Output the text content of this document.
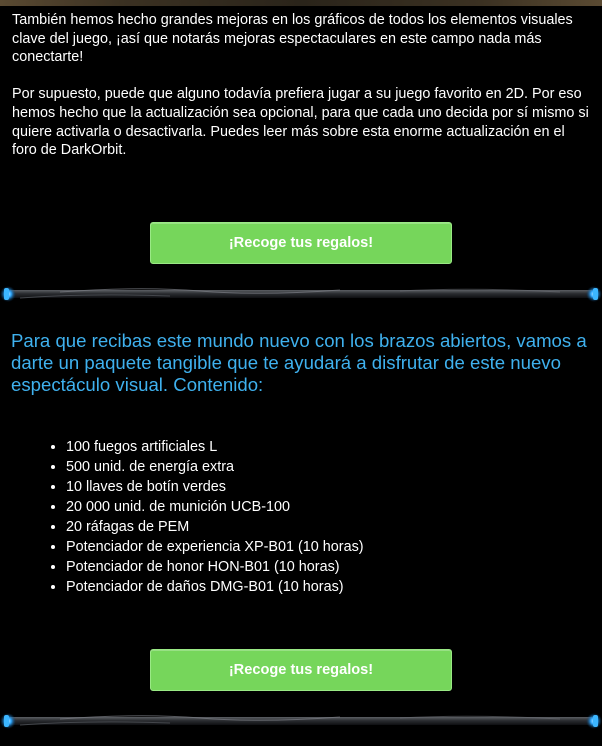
También hemos hecho grandes mejoras en los gráficos de todos los elementos visuales clave del juego, ¡así que notarás mejoras espectaculares en este campo nada más conectarte!

Por supuesto, puede que alguno todavía prefiera jugar a su juego favorito en 2D. Por eso hemos hecho que la actualización sea opcional, para que cada uno decida por sí mismo si quiere activarla o desactivarla. Puedes leer más sobre esta enorme actualización en el foro de DarkOrbit.

¡Recoge tus regalos!
Para que recibas este mundo nuevo con los brazos abiertos, vamos a darte un paquete tangible que te ayudará a disfrutar de este nuevo espectáculo visual. Contenido:
• 100 fuegos artificiales L
• 500 unid. de energía extra
• 10 llaves de botín verdes
• 20 000 unid. de munición UCB-100
• 20 ráfagas de PEM
• Potenciador de experiencia XP-B01 (10 horas)
• Potenciador de honor HON-B01 (10 horas)
• Potenciador de daños DMG-B01 (10 horas)
¡Recoge tus regalos!
